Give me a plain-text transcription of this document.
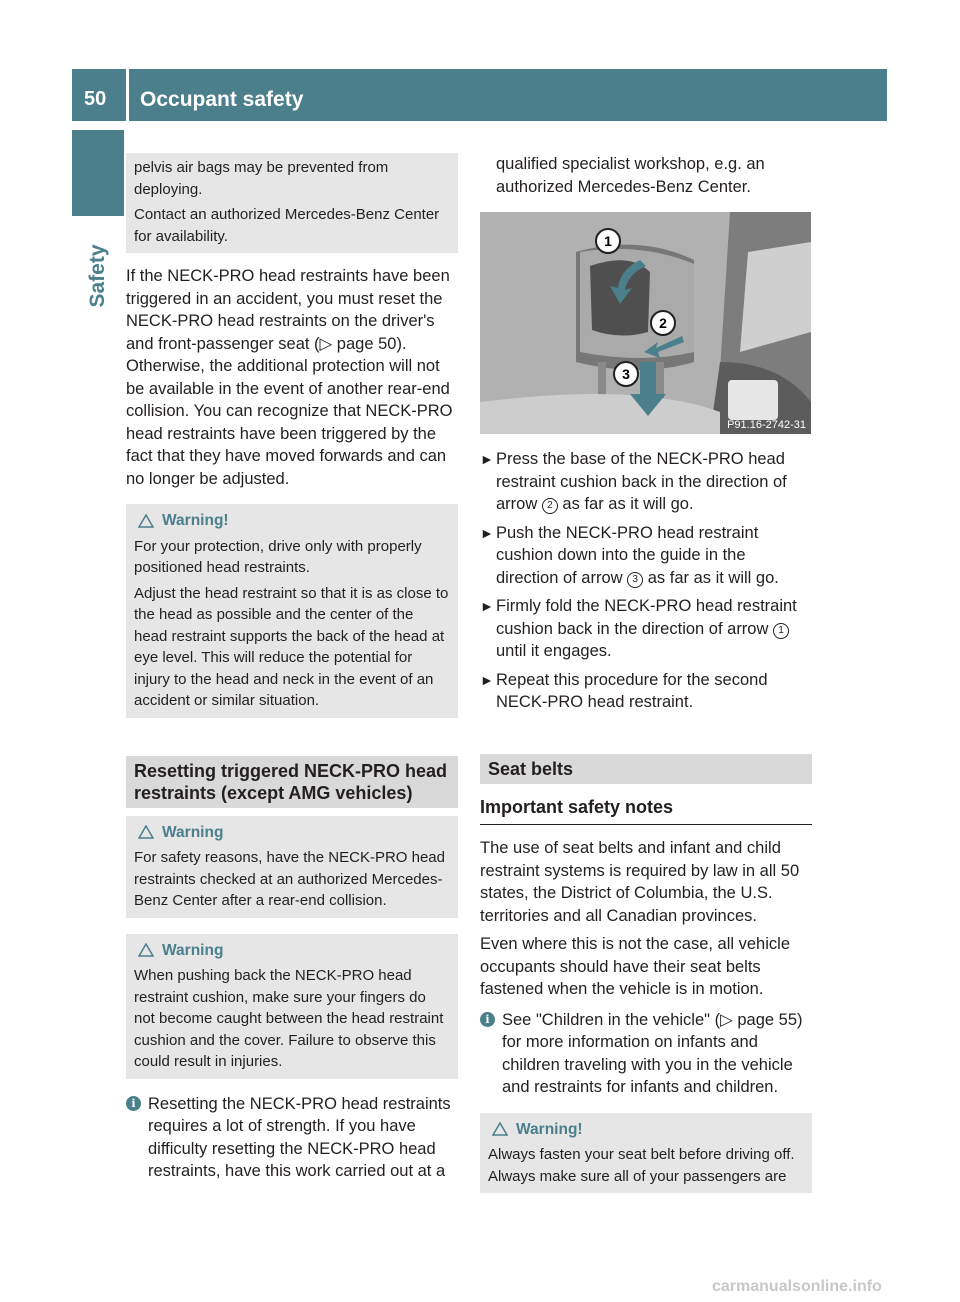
50 Occupant safety
Safety

pelvis air bags may be prevented from deploying.

Contact an authorized Mercedes-Benz Center for availability.

If the NECK-PRO head restraints have been triggered in an accident, you must reset the NECK-PRO head restraints on the driver's and front-passenger seat (▷ page 50). Otherwise, the additional protection will not be available in the event of another rear-end collision. You can recognize that NECK-PRO head restraints have been triggered by the fact that they have moved forwards and can no longer be adjusted.

Warning!

For your protection, drive only with properly positioned head restraints.

Adjust the head restraint so that it is as close to the head as possible and the center of the head restraint supports the back of the head at eye level. This will reduce the potential for injury to the head and neck in the event of an accident or similar situation.

Resetting triggered NECK-PRO head restraints (except AMG vehicles)
Warning

For safety reasons, have the NECK-PRO head restraints checked at an authorized Mercedes-Benz Center after a rear-end collision.

Warning

When pushing back the NECK-PRO head restraint cushion, make sure your fingers do not become caught between the head restraint cushion and the cover. Failure to observe this could result in injuries.

i Resetting the NECK-PRO head restraints requires a lot of strength. If you have difficulty resetting the NECK-PRO head restraints, have this work carried out at a

qualified specialist workshop, e.g. an authorized Mercedes-Benz Center.

1
2
3
P91.16-2742-31
► Press the base of the NECK-PRO head restraint cushion back in the direction of arrow 2 as far as it will go.
► Push the NECK-PRO head restraint cushion down into the guide in the direction of arrow 3 as far as it will go.
► Firmly fold the NECK-PRO head restraint cushion back in the direction of arrow 1 until it engages.
► Repeat this procedure for the second NECK-PRO head restraint.
Seat belts
Important safety notes

The use of seat belts and infant and child restraint systems is required by law in all 50 states, the District of Columbia, the U.S. territories and all Canadian provinces.

Even where this is not the case, all vehicle occupants should have their seat belts fastened when the vehicle is in motion.

i See "Children in the vehicle" (▷ page 55) for more information on infants and children traveling with you in the vehicle and restraints for infants and children.
Warning!

Always fasten your seat belt before driving off. Always make sure all of your passengers are

carmanualsonline.info
